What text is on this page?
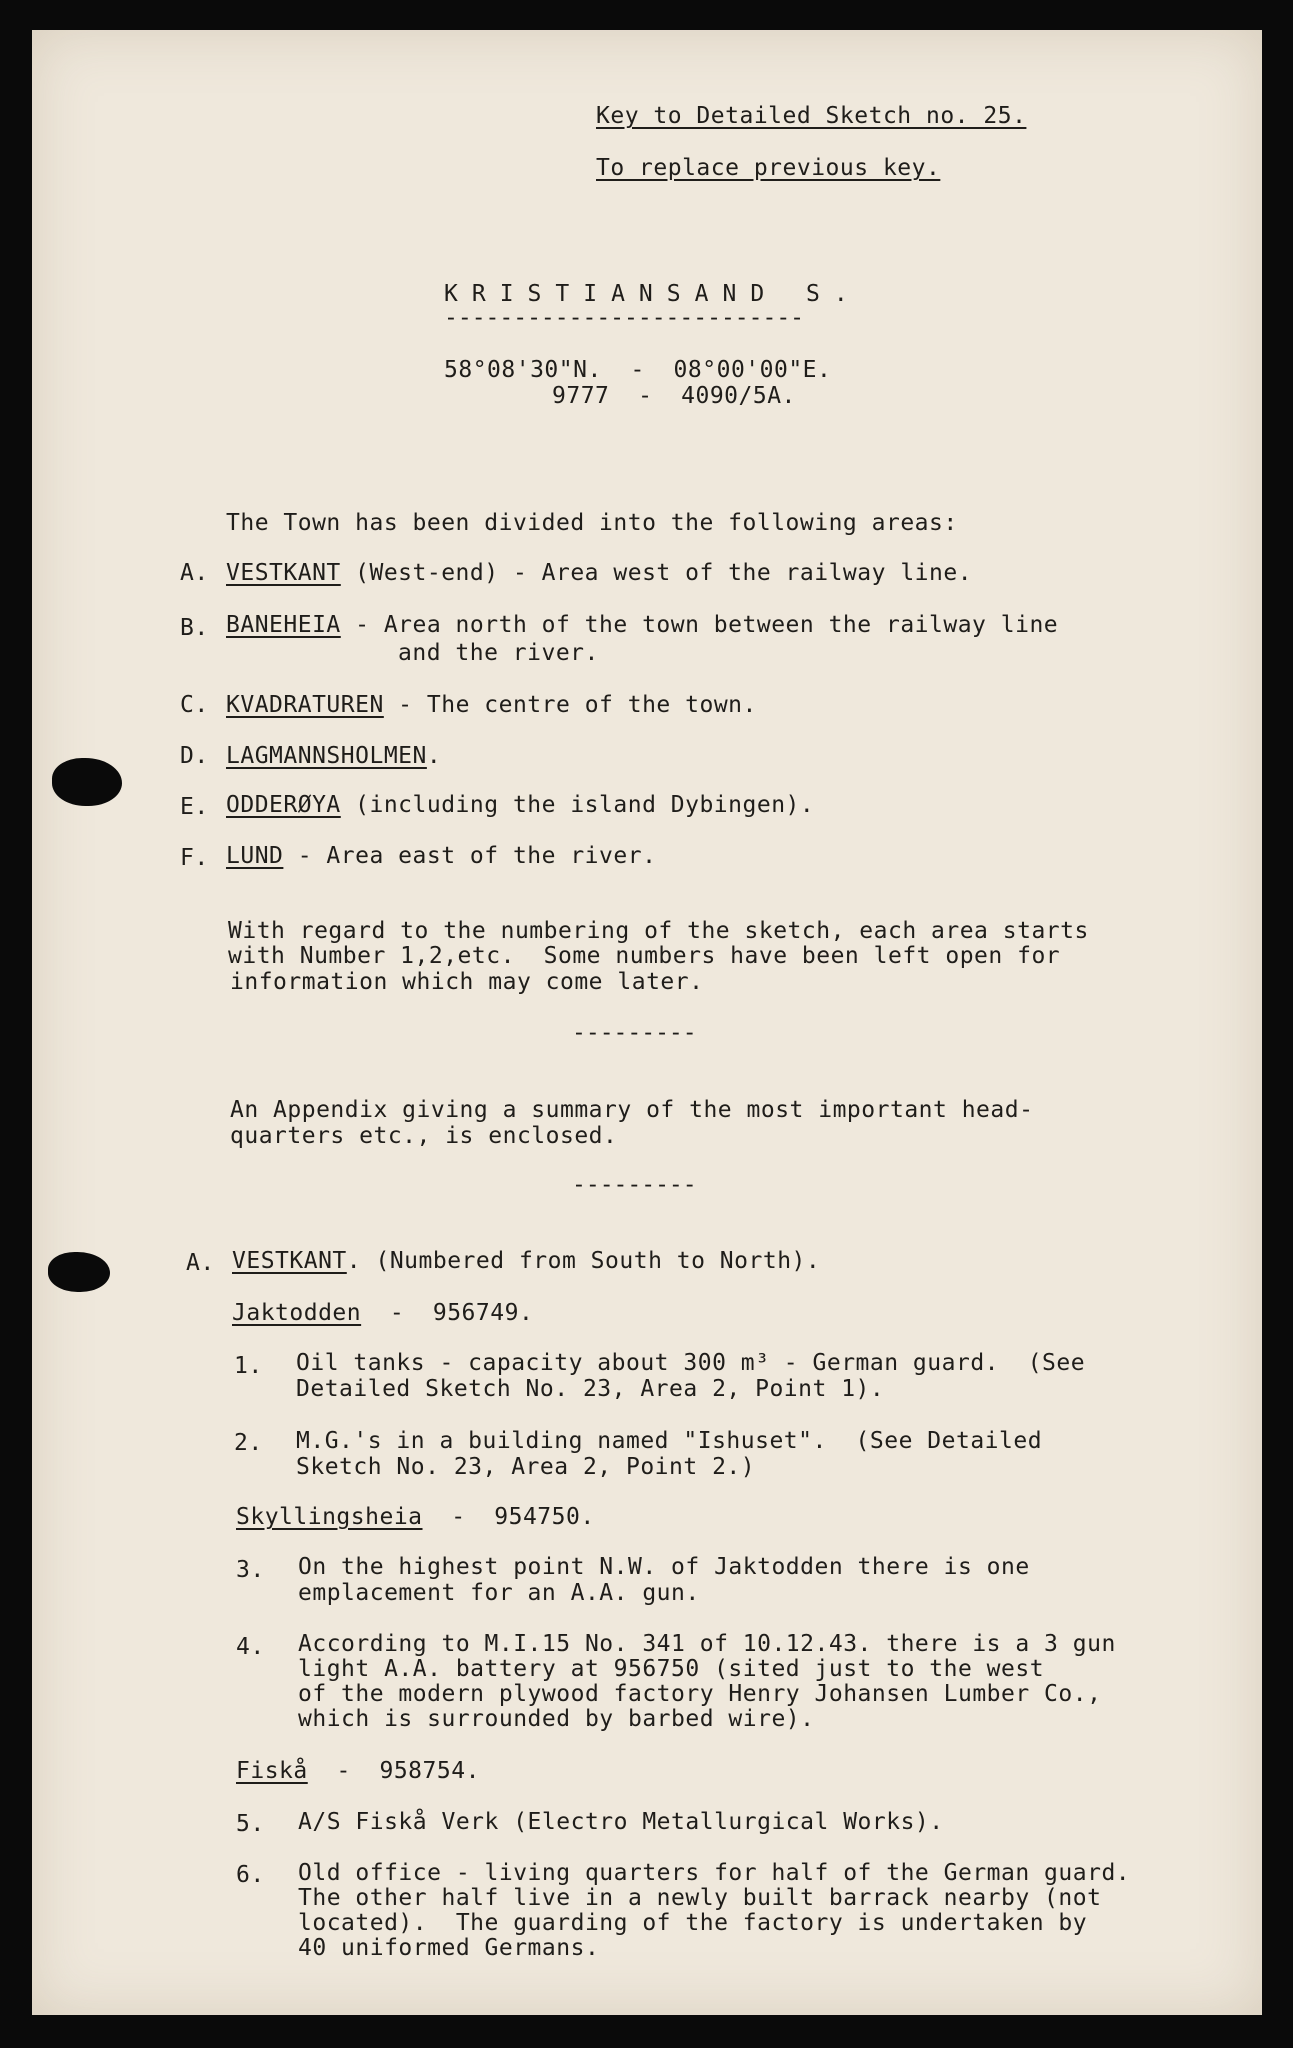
Key to Detailed Sketch no. 25.
To replace previous key.
KRISTIANSAND S.
--------------------------
58°08'30"N.  -  08°00'00"E.
9777  -  4090/5A.
The Town has been divided into the following areas:
A. VESTKANT (West-end) - Area west of the railway line.
B. BANEHEIA - Area north of the town between the railway line
and the river.
C. KVADRATUREN - The centre of the town.
D. LAGMANNSHOLMEN.
E. ODDERØYA (including the island Dybingen).
F. LUND - Area east of the river.
With regard to the numbering of the sketch, each area starts
with Number 1,2,etc.  Some numbers have been left open for
information which may come later.
---------
An Appendix giving a summary of the most important head-
quarters etc., is enclosed.
---------
A. VESTKANT. (Numbered from South to North).
Jaktodden  -  956749.
1. Oil tanks - capacity about 300 m³ - German guard.  (See
Detailed Sketch No. 23, Area 2, Point 1).
2. M.G.'s in a building named "Ishuset".  (See Detailed
Sketch No. 23, Area 2, Point 2.)
Skyllingsheia  -  954750.
3. On the highest point N.W. of Jaktodden there is one
emplacement for an A.A. gun.
4. According to M.I.15 No. 341 of 10.12.43. there is a 3 gun
light A.A. battery at 956750 (sited just to the west
of the modern plywood factory Henry Johansen Lumber Co.,
which is surrounded by barbed wire).
Fiskå  -  958754.
5. A/S Fiskå Verk (Electro Metallurgical Works).
6. Old office - living quarters for half of the German guard.
The other half live in a newly built barrack nearby (not
located).  The guarding of the factory is undertaken by
40 uniformed Germans.
